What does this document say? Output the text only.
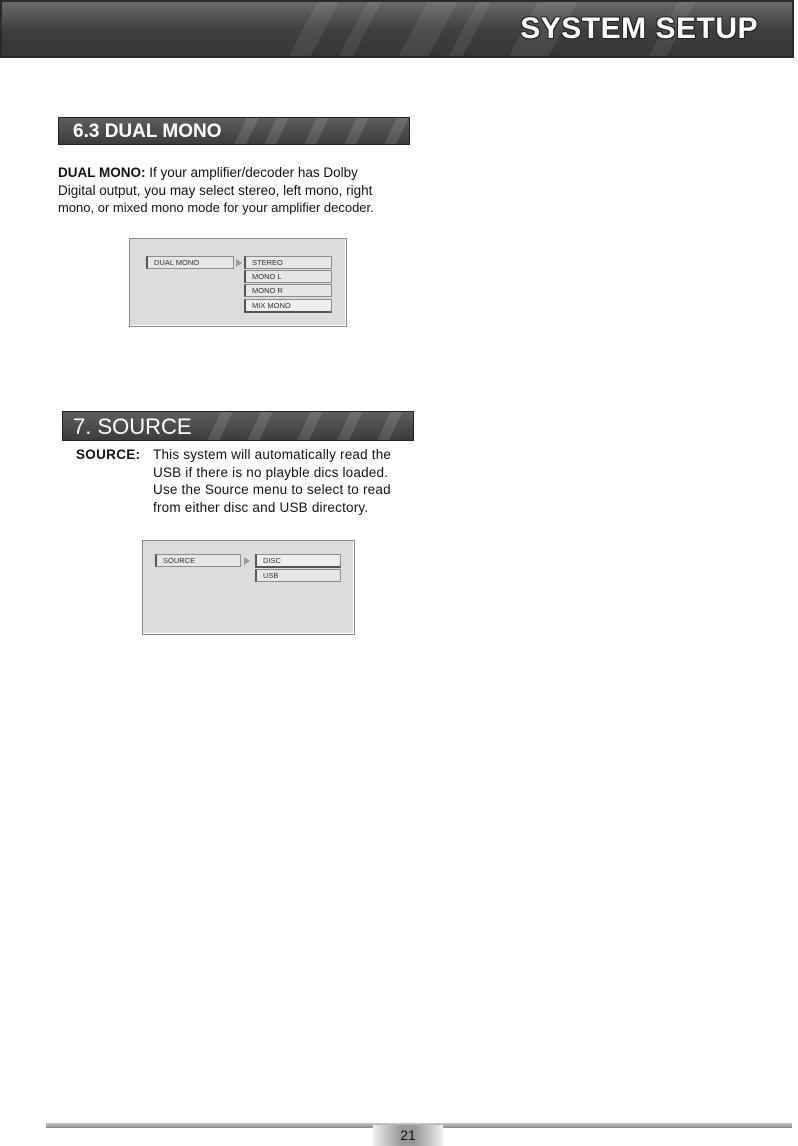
SYSTEM SETUP
6.3 DUAL MONO
DUAL MONO: If your amplifier/decoder has Dolby
Digital output, you may select stereo, left mono, right
mono, or mixed mono mode for your amplifier decoder.
DUAL MONO	STEREO
MONO L
MONO R
MIX MONO
7. SOURCE
SOURCE: This system will automatically read the
USB if there is no playble dics loaded.
Use the Source menu to select to read
from either disc and USB directory.
SOURCE	DISC
USB
21
